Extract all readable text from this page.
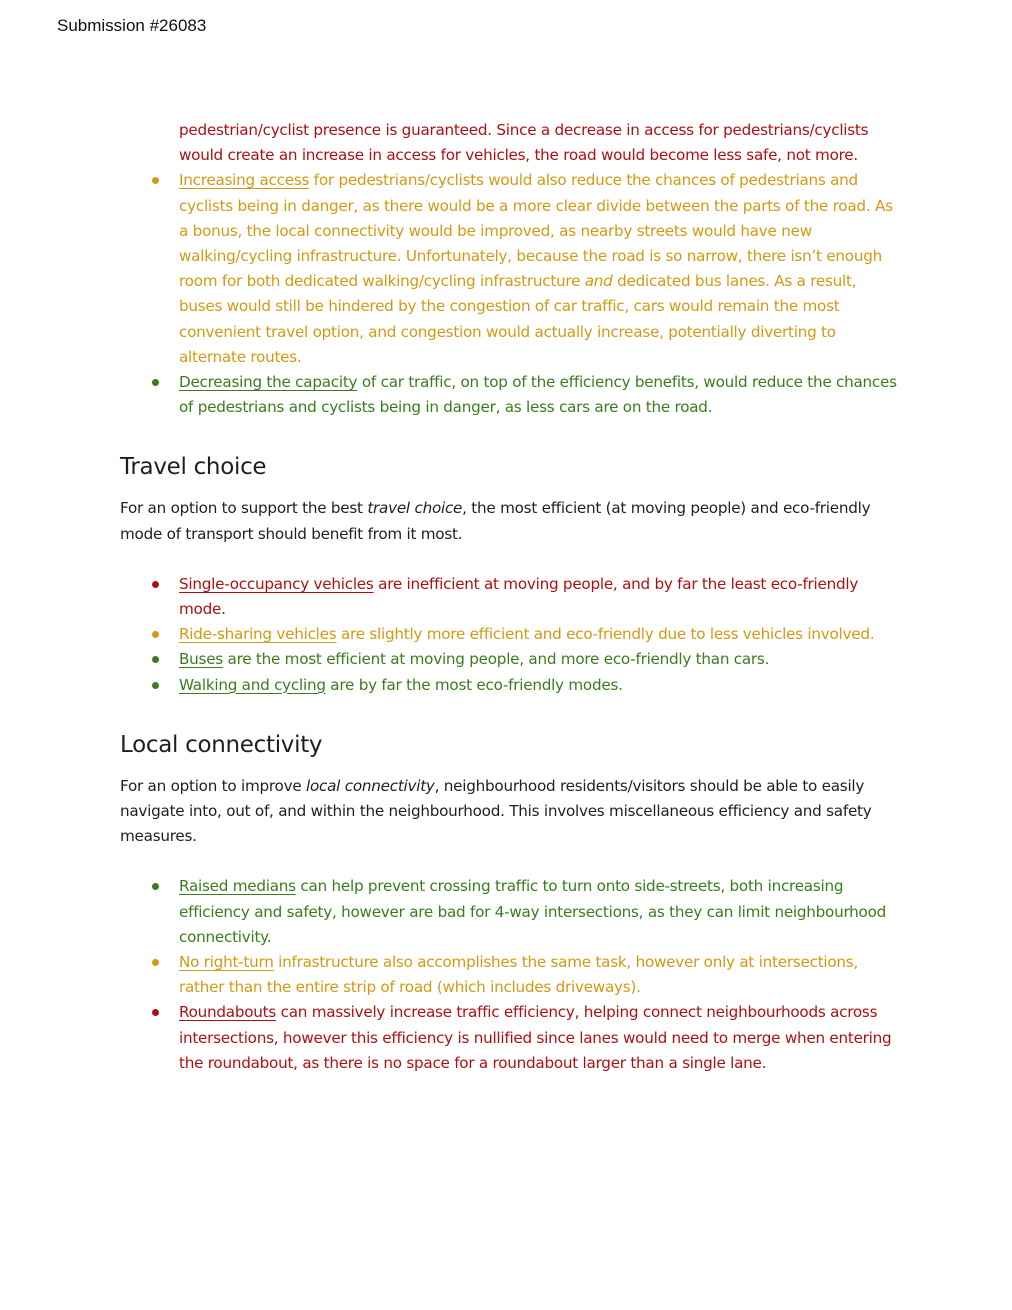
Submission #26083
pedestrian/cyclist presence is guaranteed. Since a decrease in access for pedestrians/cyclists would create an increase in access for vehicles, the road would become less safe, not more.
Increasing access for pedestrians/cyclists would also reduce the chances of pedestrians and cyclists being in danger, as there would be a more clear divide between the parts of the road. As a bonus, the local connectivity would be improved, as nearby streets would have new walking/cycling infrastructure. Unfortunately, because the road is so narrow, there isn’t enough room for both dedicated walking/cycling infrastructure and dedicated bus lanes. As a result, buses would still be hindered by the congestion of car traffic, cars would remain the most convenient travel option, and congestion would actually increase, potentially diverting to alternate routes.
Decreasing the capacity of car traffic, on top of the efficiency benefits, would reduce the chances of pedestrians and cyclists being in danger, as less cars are on the road.
Travel choice

For an option to support the best travel choice, the most efficient (at moving people) and eco-friendly mode of transport should benefit from it most.

Single-occupancy vehicles are inefficient at moving people, and by far the least eco-friendly mode.
Ride-sharing vehicles are slightly more efficient and eco-friendly due to less vehicles involved.
Buses are the most efficient at moving people, and more eco-friendly than cars.
Walking and cycling are by far the most eco-friendly modes.
Local connectivity

For an option to improve local connectivity, neighbourhood residents/visitors should be able to easily navigate into, out of, and within the neighbourhood. This involves miscellaneous efficiency and safety measures.

Raised medians can help prevent crossing traffic to turn onto side-streets, both increasing efficiency and safety, however are bad for 4-way intersections, as they can limit neighbourhood connectivity.
No right-turn infrastructure also accomplishes the same task, however only at intersections, rather than the entire strip of road (which includes driveways).
Roundabouts can massively increase traffic efficiency, helping connect neighbourhoods across intersections, however this efficiency is nullified since lanes would need to merge when entering the roundabout, as there is no space for a roundabout larger than a single lane.
